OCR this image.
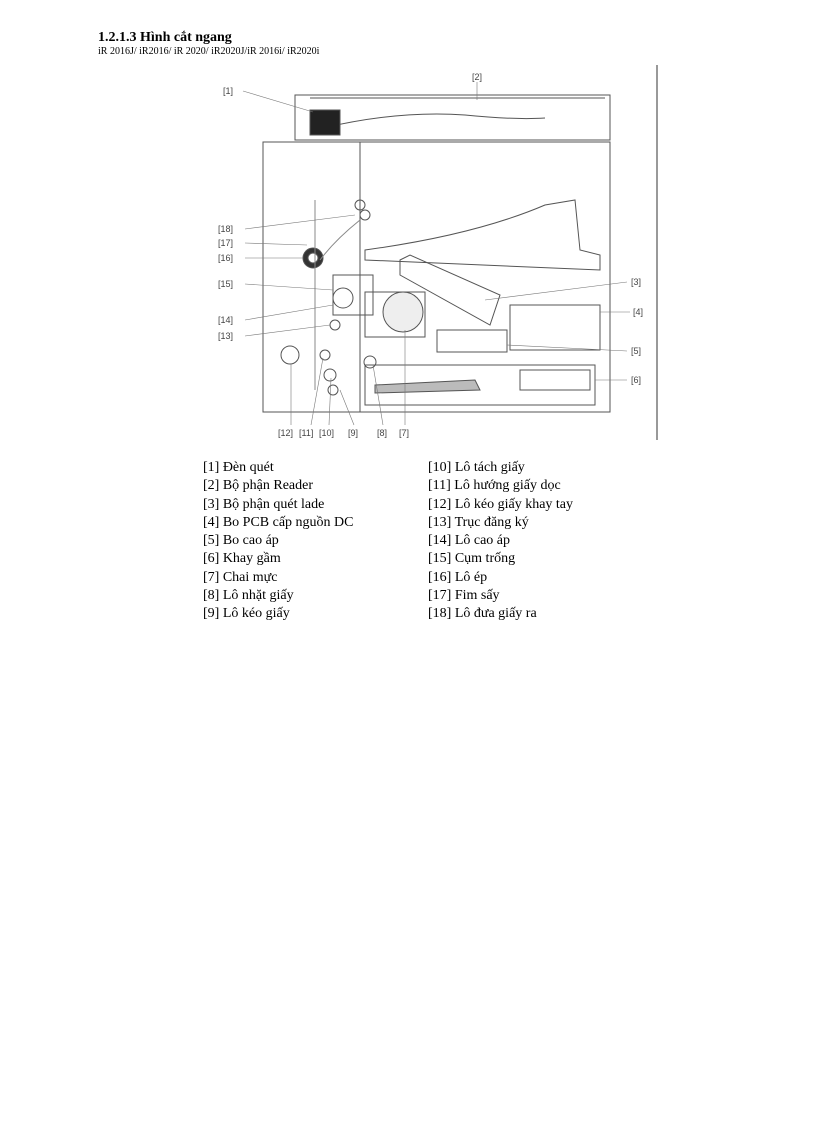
1.2.1.3 Hình cắt ngang
iR 2016J/ iR2016/ iR 2020/ iR2020J/iR 2016i/ iR2020i
[1]
[2]
[3]
[4]
[5]
[6]
[7]
[8]
[9]
[10]
[11]
[12]
[13]
[14]
[15]
[16]
[17]
[18]
[1] Đèn quét
[2] Bộ phận Reader
[3] Bộ phận quét lade
[4] Bo PCB cấp nguồn DC
[5] Bo cao áp
[6] Khay gầm
[7] Chai mực
[8] Lô nhặt giấy
[9] Lô kéo giấy
[10] Lô tách giấy
[11] Lô hướng giấy dọc
[12] Lô kéo giấy khay tay
[13] Trục đăng ký
[14] Lô cao áp
[15] Cụm trống
[16] Lô ép
[17] Fim sấy
[18] Lô đưa giấy ra
